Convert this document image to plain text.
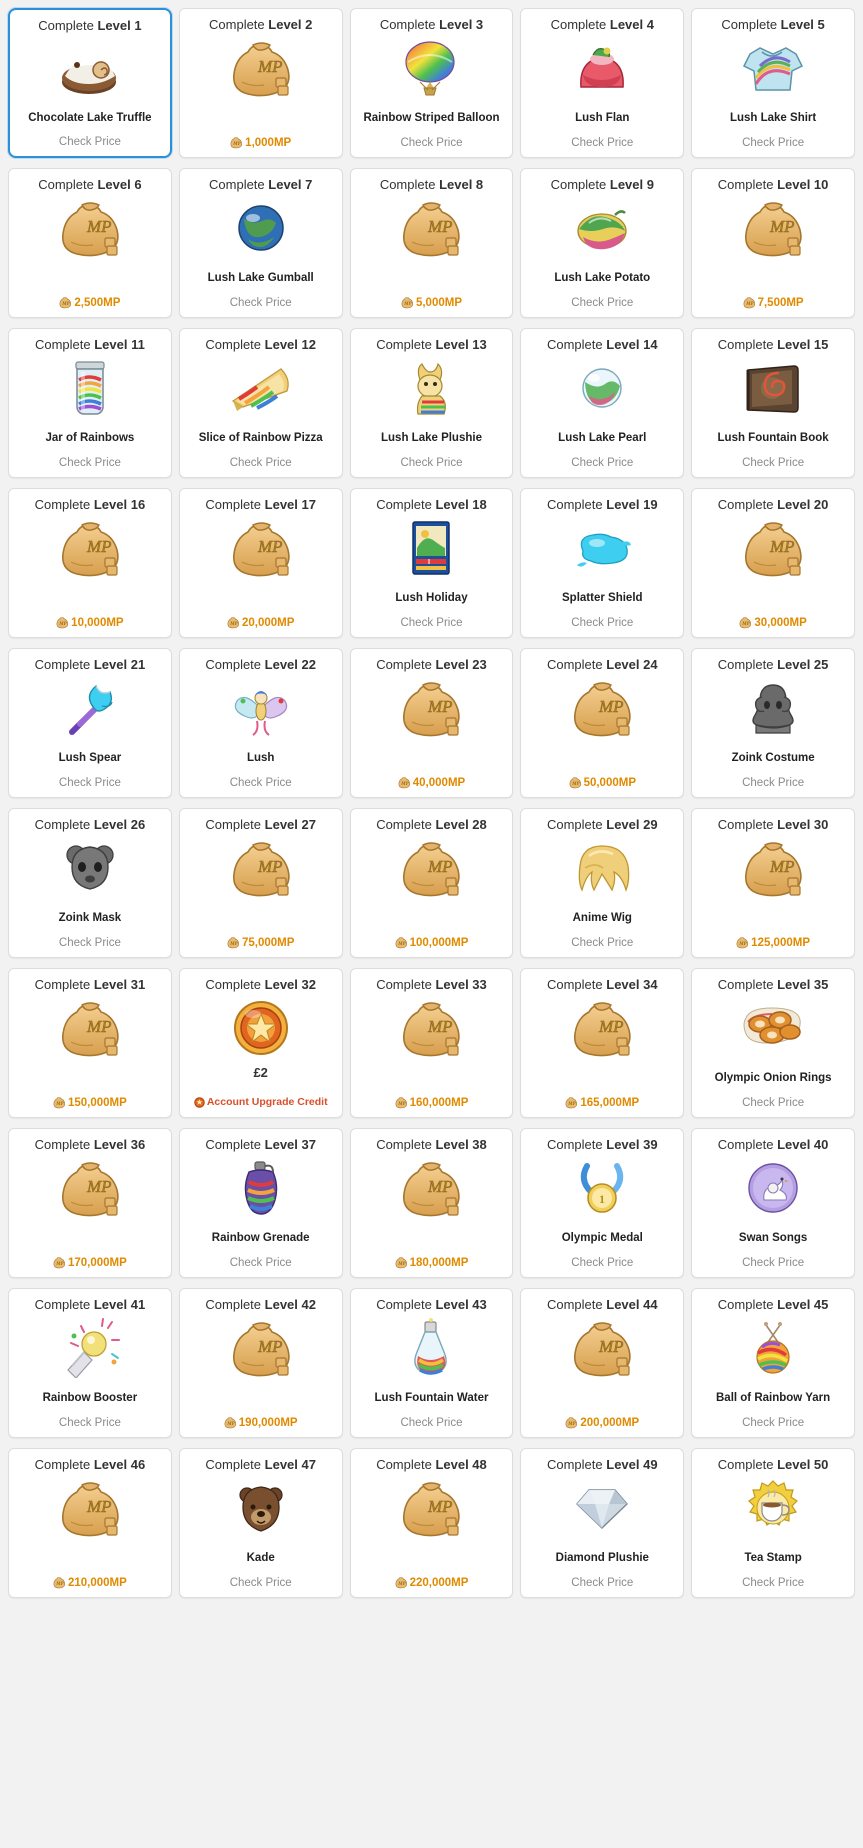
Complete Level 1
Chocolate Lake Truffle
Check Price
Complete Level 2
MP
MP 1,000MP
Complete Level 3
Rainbow Striped Balloon
Check Price
Complete Level 4
Lush Flan
Check Price
Complete Level 5
Lush Lake Shirt
Check Price
Complete Level 6
MP
MP 2,500MP
Complete Level 7
Lush Lake Gumball
Check Price
Complete Level 8
MP
MP 5,000MP
Complete Level 9
Lush Lake Potato
Check Price
Complete Level 10
MP
MP 7,500MP
Complete Level 11
Jar of Rainbows
Check Price
Complete Level 12
Slice of Rainbow Pizza
Check Price
Complete Level 13
Lush Lake Plushie
Check Price
Complete Level 14
Lush Lake Pearl
Check Price
Complete Level 15
Lush Fountain Book
Check Price
Complete Level 16
MP
MP 10,000MP
Complete Level 17
MP
MP 20,000MP
Complete Level 18
Lush Holiday
Check Price
Complete Level 19
Splatter Shield
Check Price
Complete Level 20
MP
MP 30,000MP
Complete Level 21
Lush Spear
Check Price
Complete Level 22
Lush
Check Price
Complete Level 23
MP
MP 40,000MP
Complete Level 24
MP
MP 50,000MP
Complete Level 25
Zoink Costume
Check Price
Complete Level 26
Zoink Mask
Check Price
Complete Level 27
MP
MP 75,000MP
Complete Level 28
MP
MP 100,000MP
Complete Level 29
Anime Wig
Check Price
Complete Level 30
MP
MP 125,000MP
Complete Level 31
MP
MP 150,000MP
Complete Level 32
£2
Account Upgrade Credit
Complete Level 33
MP
MP 160,000MP
Complete Level 34
MP
MP 165,000MP
Complete Level 35
Olympic Onion Rings
Check Price
Complete Level 36
MP
MP 170,000MP
Complete Level 37
Rainbow Grenade
Check Price
Complete Level 38
MP
MP 180,000MP
Complete Level 39
1
Olympic Medal
Check Price
Complete Level 40
Swan Songs
Check Price
Complete Level 41
Rainbow Booster
Check Price
Complete Level 42
MP
MP 190,000MP
Complete Level 43
Lush Fountain Water
Check Price
Complete Level 44
MP
MP 200,000MP
Complete Level 45
Ball of Rainbow Yarn
Check Price
Complete Level 46
MP
MP 210,000MP
Complete Level 47
Kade
Check Price
Complete Level 48
MP
MP 220,000MP
Complete Level 49
Diamond Plushie
Check Price
Complete Level 50
Tea Stamp
Check Price
